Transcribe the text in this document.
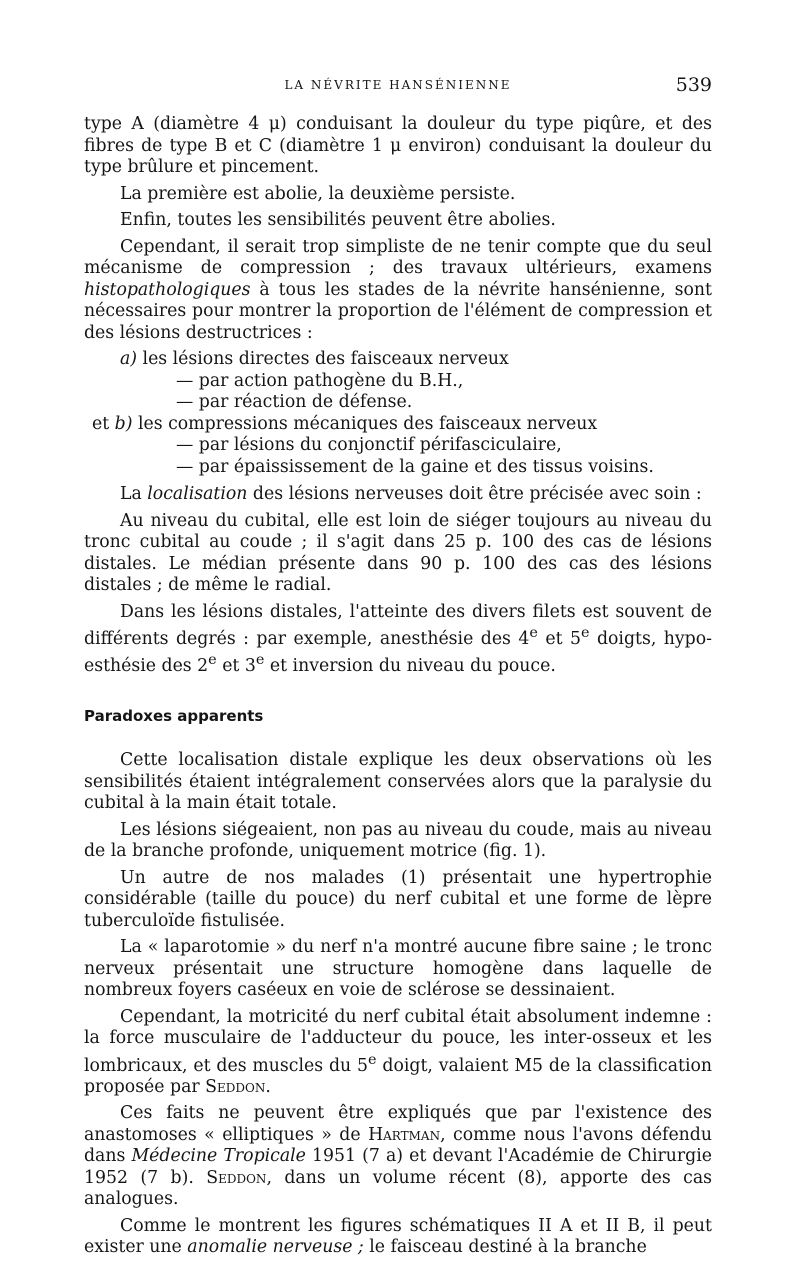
LA NÉVRITE HANSÉNIENNE	539

type A (diamètre 4 μ) conduisant la douleur du type piqûre, et des fibres de type B et C (diamètre 1 μ environ) conduisant la douleur du type brûlure et pincement.

La première est abolie, la deuxième persiste.

Enfin, toutes les sensibilités peuvent être abolies.

Cependant, il serait trop simpliste de ne tenir compte que du seul mécanisme de compression ; des travaux ultérieurs, examens histopathologiques à tous les stades de la névrite hansénienne, sont nécessaires pour montrer la proportion de l'élément de compression et des lésions destructrices :

a) les lésions directes des faisceaux nerveux

— par action pathogène du B.H.,

— par réaction de défense.

et b) les compressions mécaniques des faisceaux nerveux

— par lésions du conjonctif périfasciculaire,

— par épaississement de la gaine et des tissus voisins.

La localisation des lésions nerveuses doit être précisée avec soin :

Au niveau du cubital, elle est loin de siéger toujours au niveau du tronc cubital au coude ; il s'agit dans 25 p. 100 des cas de lésions distales. Le médian présente dans 90 p. 100 des cas des lésions distales ; de même le radial.

Dans les lésions distales, l'atteinte des divers filets est souvent de différents degrés : par exemple, anesthésie des 4e et 5e doigts, hypo-esthésie des 2e et 3e et inversion du niveau du pouce.

Paradoxes apparents

Cette localisation distale explique les deux observations où les sensibilités étaient intégralement conservées alors que la paralysie du cubital à la main était totale.

Les lésions siégeaient, non pas au niveau du coude, mais au niveau de la branche profonde, uniquement motrice (fig. 1).

Un autre de nos malades (1) présentait une hypertrophie considérable (taille du pouce) du nerf cubital et une forme de lèpre tuberculoïde fistulisée.

La « laparotomie » du nerf n'a montré aucune fibre saine ; le tronc nerveux présentait une structure homogène dans laquelle de nombreux foyers caséeux en voie de sclérose se dessinaient.

Cependant, la motricité du nerf cubital était absolument indemne : la force musculaire de l'adducteur du pouce, les inter-osseux et les lombricaux, et des muscles du 5e doigt, valaient M5 de la classification proposée par Seddon.

Ces faits ne peuvent être expliqués que par l'existence des anastomoses « elliptiques » de Hartman, comme nous l'avons défendu dans Médecine Tropicale 1951 (7 a) et devant l'Académie de Chirurgie 1952 (7 b). Seddon, dans un volume récent (8), apporte des cas analogues.

Comme le montrent les figures schématiques II A et II B, il peut exister une anomalie nerveuse ; le faisceau destiné à la branche
